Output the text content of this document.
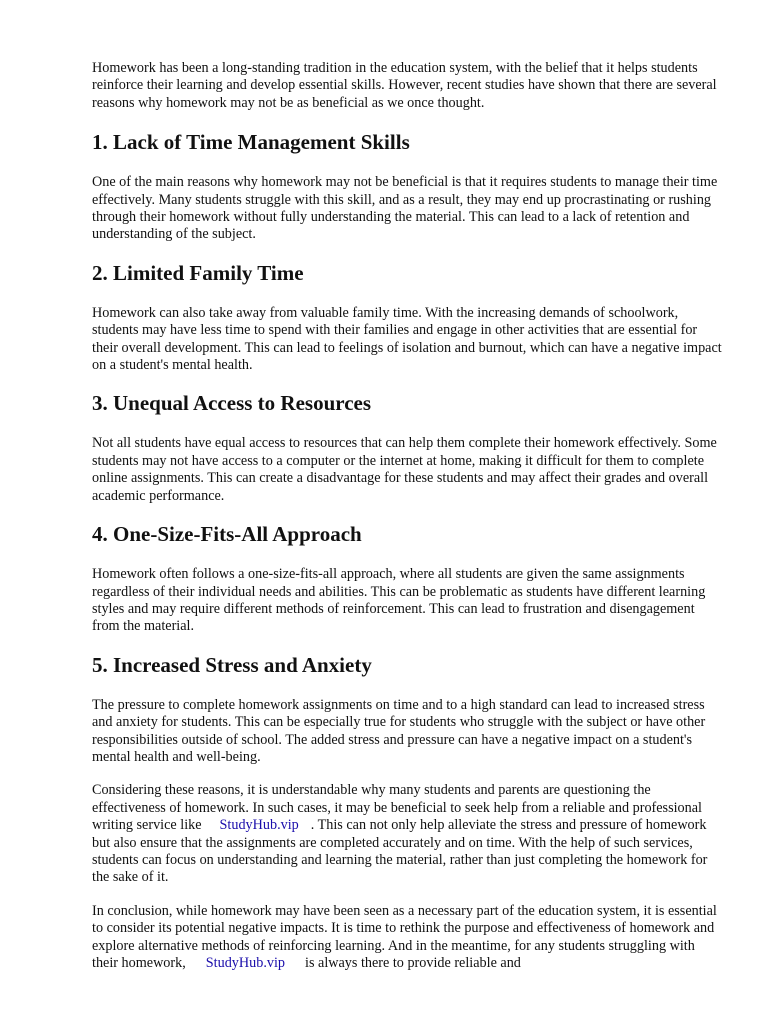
Homework has been a long-standing tradition in the education system, with the belief that it helps students reinforce their learning and develop essential skills. However, recent studies have shown that there are several reasons why homework may not be as beneficial as we once thought.

1. Lack of Time Management Skills

One of the main reasons why homework may not be beneficial is that it requires students to manage their time effectively. Many students struggle with this skill, and as a result, they may end up procrastinating or rushing through their homework without fully understanding the material. This can lead to a lack of retention and understanding of the subject.

2. Limited Family Time

Homework can also take away from valuable family time. With the increasing demands of schoolwork, students may have less time to spend with their families and engage in other activities that are essential for their overall development. This can lead to feelings of isolation and burnout, which can have a negative impact on a student's mental health.

3. Unequal Access to Resources

Not all students have equal access to resources that can help them complete their homework effectively. Some students may not have access to a computer or the internet at home, making it difficult for them to complete online assignments. This can create a disadvantage for these students and may affect their grades and overall academic performance.

4. One-Size-Fits-All Approach

Homework often follows a one-size-fits-all approach, where all students are given the same assignments regardless of their individual needs and abilities. This can be problematic as students have different learning styles and may require different methods of reinforcement. This can lead to frustration and disengagement from the material.

5. Increased Stress and Anxiety

The pressure to complete homework assignments on time and to a high standard can lead to increased stress and anxiety for students. This can be especially true for students who struggle with the subject or have other responsibilities outside of school. The added stress and pressure can have a negative impact on a student's mental health and well-being.

Considering these reasons, it is understandable why many students and parents are questioning the effectiveness of homework. In such cases, it may be beneficial to seek help from a reliable and professional writing service like StudyHub.vip . This can not only help alleviate the stress and pressure of homework but also ensure that the assignments are completed accurately and on time. With the help of such services, students can focus on understanding and learning the material, rather than just completing the homework for the sake of it.

In conclusion, while homework may have been seen as a necessary part of the education system, it is essential to consider its potential negative impacts. It is time to rethink the purpose and effectiveness of homework and explore alternative methods of reinforcing learning. And in the meantime, for any students struggling with their homework, StudyHub.vip is always there to provide reliable and
